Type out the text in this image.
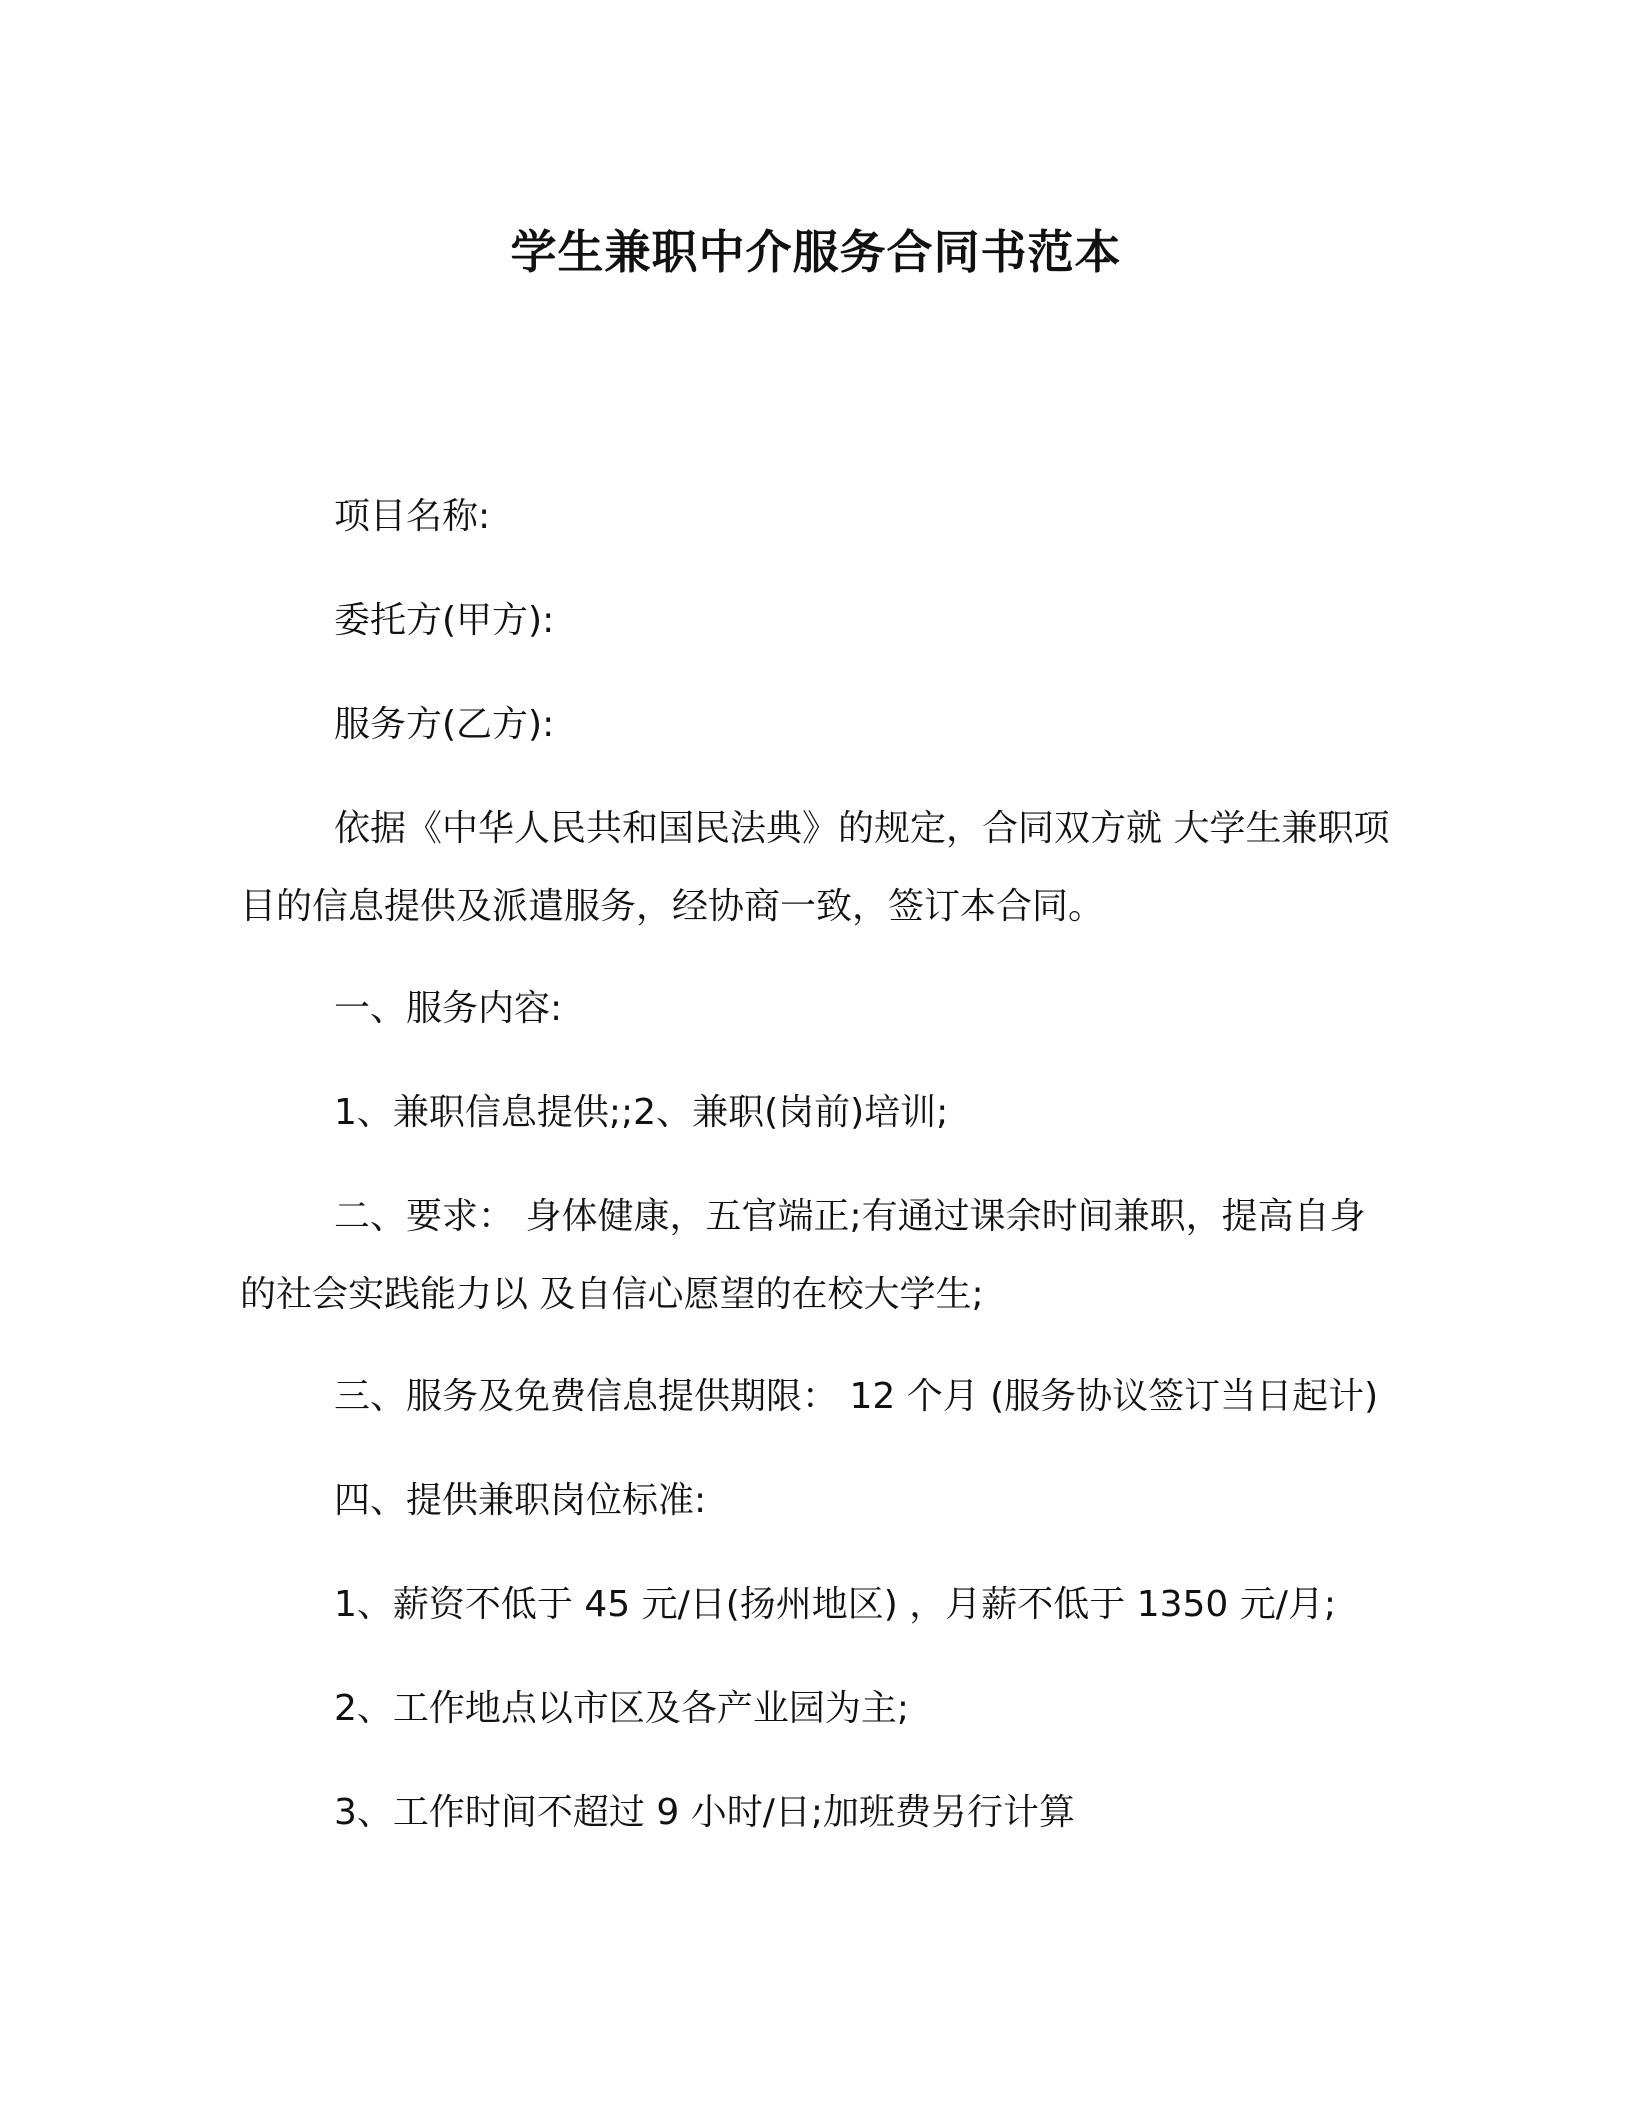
学生兼职中介服务合同书范本
项目名称:
委托方(甲方):
服务方(乙方):
依据《中华人民共和国民法典》的规定，合同双方就 大学生兼职项目的信息提供及派遣服务，经协商一致，签订本合同。
一、服务内容:
1、兼职信息提供;;2、兼职(岗前)培训;
二、要求： 身体健康，五官端正;有通过课余时间兼职，提高自身的社会实践能力以 及自信心愿望的在校大学生;
三、服务及免费信息提供期限： 12 个月 (服务协议签订当日起计)
四、提供兼职岗位标准:
1、薪资不低于 45 元/日(扬州地区) ，月薪不低于 1350 元/月;
2、工作地点以市区及各产业园为主;
3、工作时间不超过 9 小时/日;加班费另行计算
